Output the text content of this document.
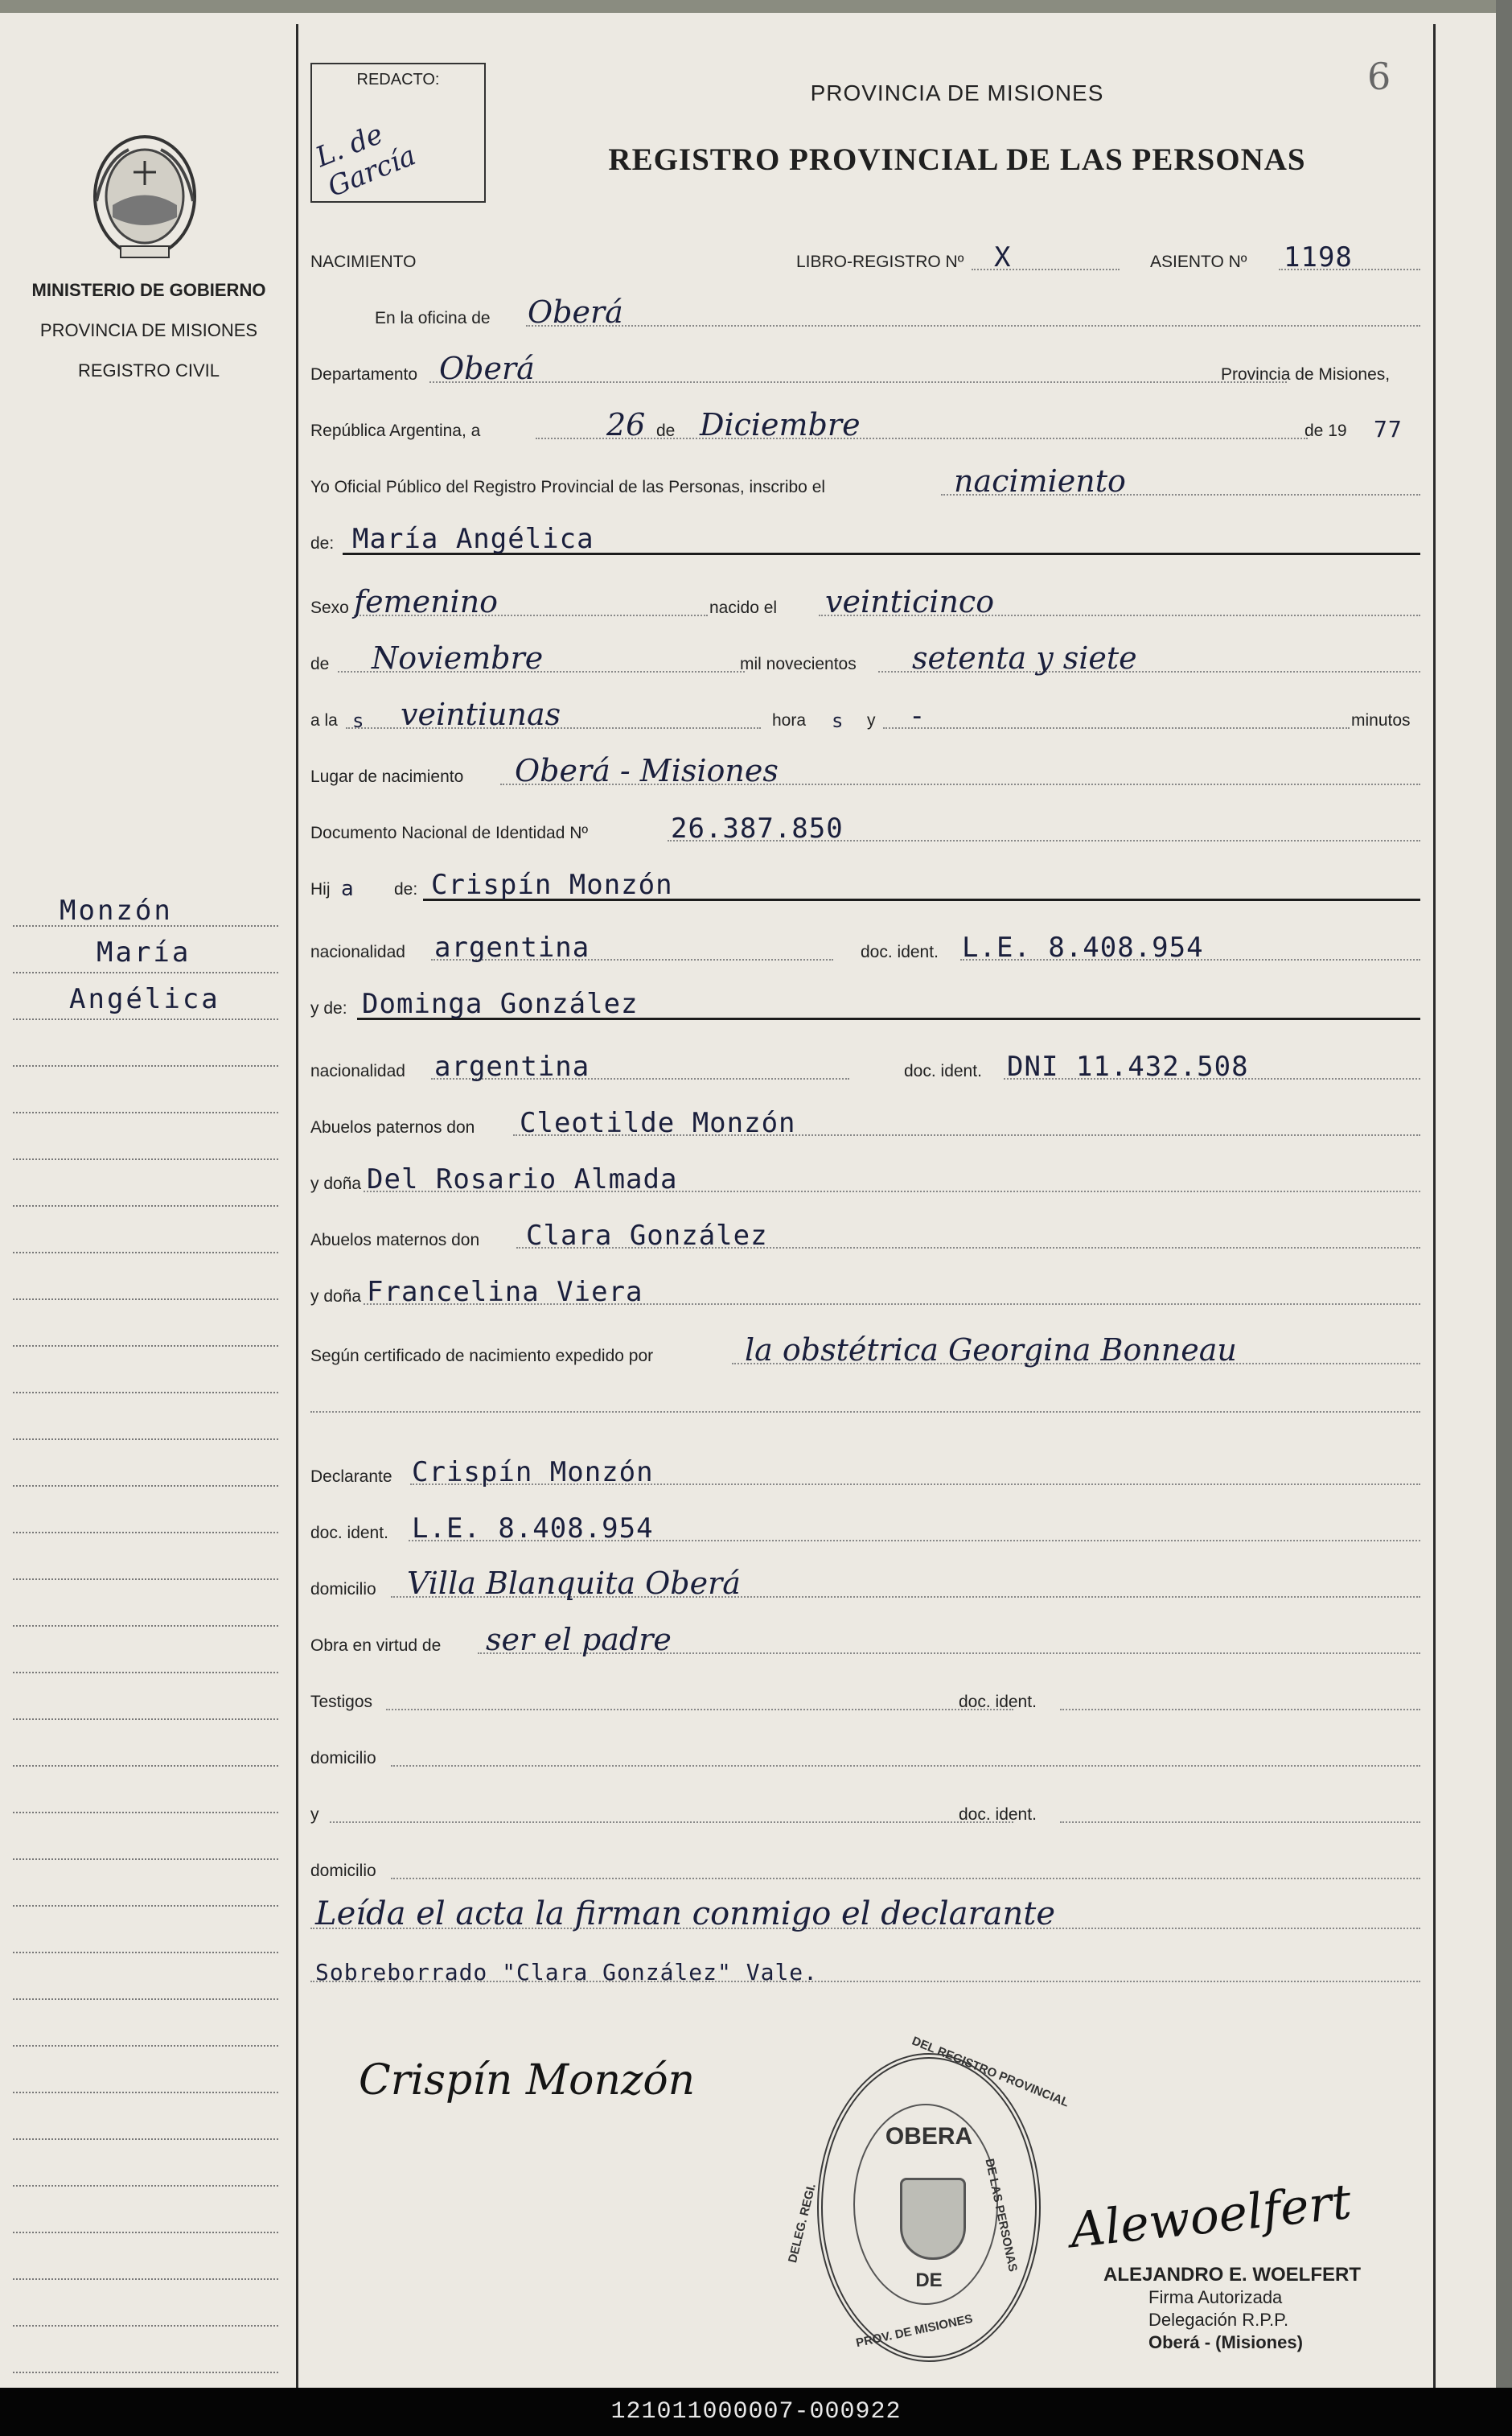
MINISTERIO DE GOBIERNO
PROVINCIA DE MISIONES
REGISTRO CIVIL
Monzón
María
Angélica
REDACTO:
L. de García
6
PROVINCIA DE MISIONES
REGISTRO PROVINCIAL DE LAS PERSONAS
NACIMIENTO	LIBRO-REGISTRO Nº X	ASIENTO Nº 1198
En la oficina de Oberá
Departamento Oberá	Provincia de Misiones,
República Argentina, a	26 de Diciembre	de 19 77
Yo Oficial Público del Registro Provincial de las Personas, inscribo el	nacimiento
de: María Angélica
Sexo femenino	nacido el veinticinco
de Noviembre	mil novecientos setenta y siete
a la s veintiunas	hora s y -	minutos
Lugar de nacimiento Oberá - Misiones
Documento Nacional de Identidad Nº	26.387.850
Hij a de: Crispín Monzón
nacionalidad argentina	doc. ident. L.E. 8.408.954
y de: Dominga González
nacionalidad argentina	doc. ident. DNI 11.432.508
Abuelos paternos don Cleotilde Monzón
y doña Del Rosario Almada
Abuelos maternos don Clara González
y doña Francelina Viera
Según certificado de nacimiento expedido por	la obstétrica Georgina Bonneau
Declarante Crispín Monzón
doc. ident. L.E. 8.408.954
domicilio Villa Blanquita Oberá
Obra en virtud de ser el padre
Testigos	doc. ident.
domicilio
y	doc. ident.
domicilio
Leída el acta la firman conmigo el declarante
Sobreborrado "Clara González" Vale.
Crispín Monzón
OBERA
DE
DEL REGISTRO PROVINCIAL
DELEG. REGI.	DE LAS PERSONAS
PROV. DE MISIONES
Alewoelfert
ALEJANDRO E. WOELFERT
Firma Autorizada
Delegación R.P.P.
Oberá - (Misiones)
121011000007-000922
